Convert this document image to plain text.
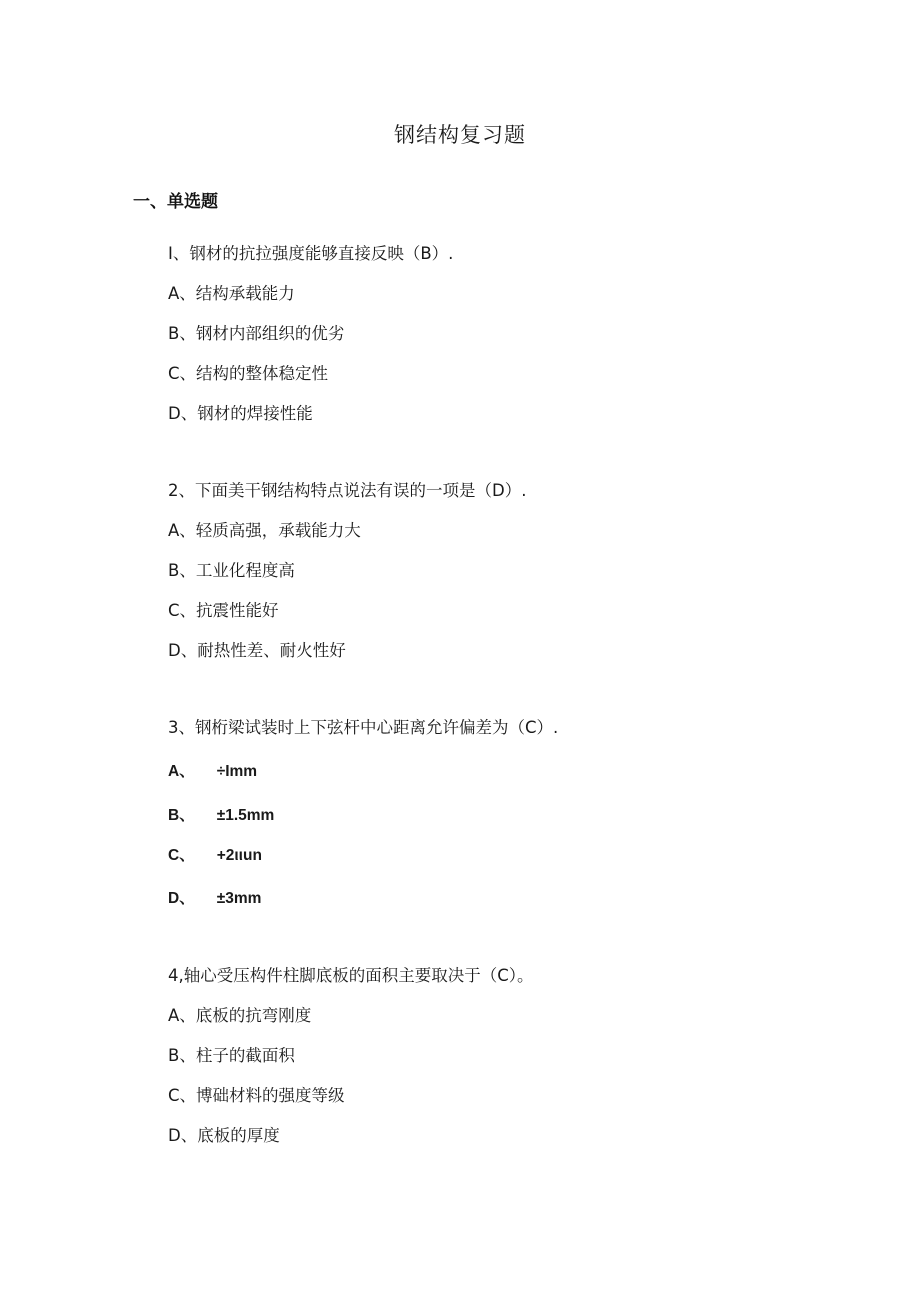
钢结构复习题
一、单选题
I、钢材的抗拉强度能够直接反映（B）.
A、结构承载能力
B、钢材内部组织的优劣
C、结构的整体稳定性
D、钢材的焊接性能
2、下面美干钢结构特点说法有误的一项是（D）.
A、轻质高强，承载能力大
B、工业化程度高
C、抗震性能好
D、耐热性差、耐火性好
3、钢桁梁试装时上下弦杆中心距离允许偏差为（C）.
A、 ÷Imm
B、 ±1.5mm
C、 +2ιιun
D、 ±3mm
4,轴心受压构件柱脚底板的面积主要取决于（C）。
A、底板的抗弯刚度
B、柱子的截面积
C、博础材料的强度等级
D、底板的厚度
